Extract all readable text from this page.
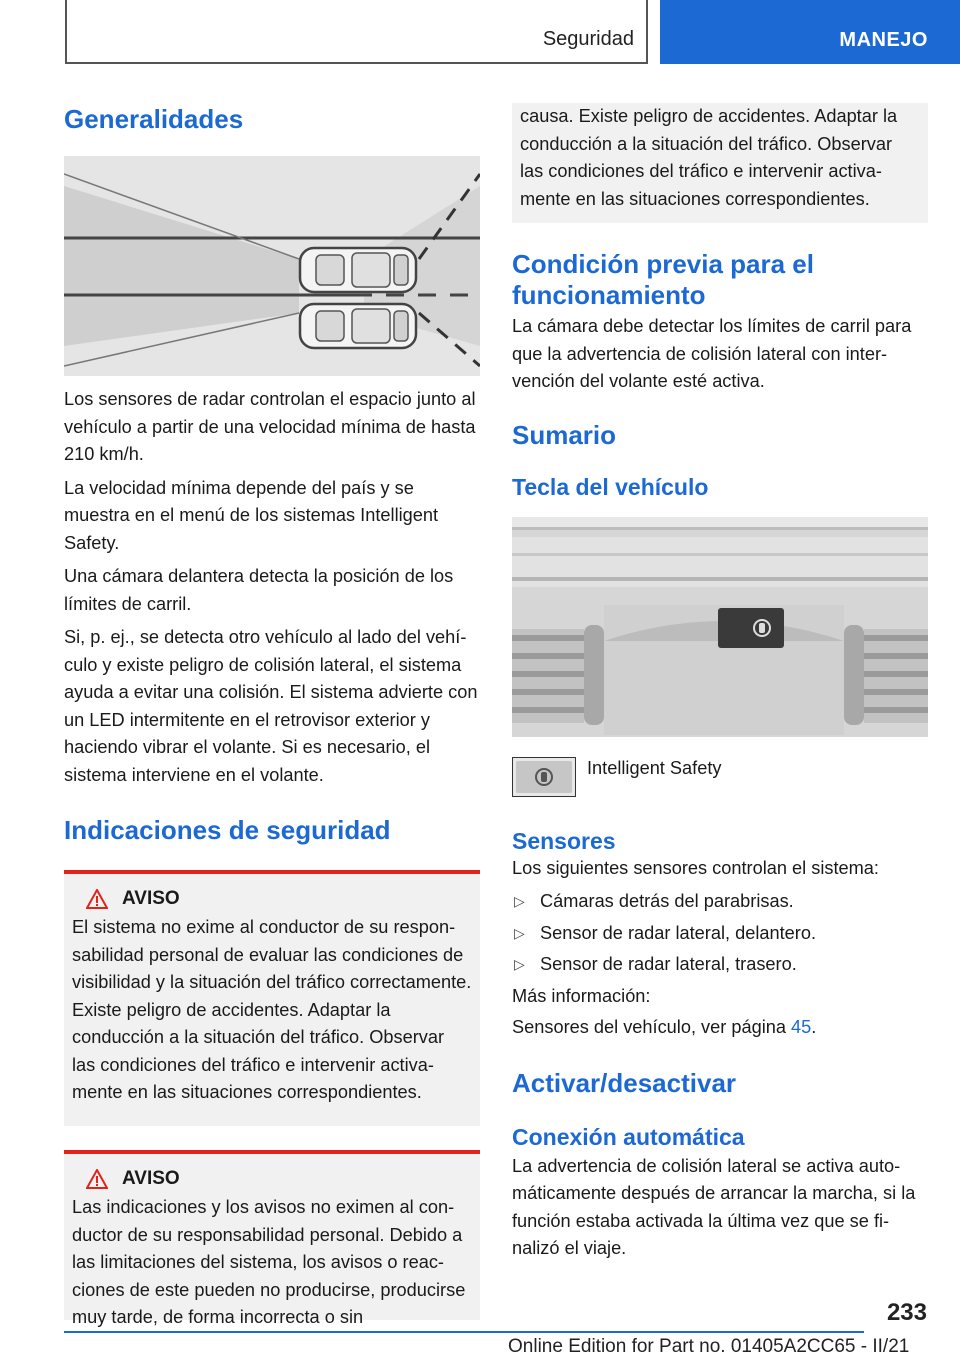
Seguridad	MANEJO
Generalidades

Los sensores de radar controlan el espacio junto al vehículo a partir de una velocidad mínima de hasta 210 km/h.

La velocidad mínima depende del país y se muestra en el menú de los sistemas Intelligent Safety.

Una cámara delantera detecta la posición de los límites de carril.

Si, p. ej., se detecta otro vehículo al lado del vehículo y existe peligro de colisión lateral, el sistema ayuda a evitar una colisión. El sistema advierte con un LED intermitente en el retrovisor exterior y haciendo vibrar el volante. Si es necesario, el sistema interviene en el volante.

Indicaciones de seguridad
AVISO

El sistema no exime al conductor de su responsabilidad personal de evaluar las condiciones de visibilidad y la situación del tráfico correctamente. Existe peligro de accidentes. Adaptar la conducción a la situación del tráfico. Observar las condiciones del tráfico e intervenir activamente en las situaciones correspondientes.

AVISO

Las indicaciones y los avisos no eximen al conductor de su responsabilidad personal. Debido a las limitaciones del sistema, los avisos o reacciones de este pueden no producirse, producirse muy tarde, de forma incorrecta o sin

causa. Existe peligro de accidentes. Adaptar la conducción a la situación del tráfico. Observar las condiciones del tráfico e intervenir activamente en las situaciones correspondientes.

Condición previa para el funcionamiento

La cámara debe detectar los límites de carril para que la advertencia de colisión lateral con intervención del volante esté activa.

Sumario
Tecla del vehículo

Intelligent Safety

Sensores

Los siguientes sensores controlan el sistema:

▷ Cámaras detrás del parabrisas.
▷ Sensor de radar lateral, delantero.
▷ Sensor de radar lateral, trasero.

Más información:

Sensores del vehículo, ver página 45.

Activar/desactivar
Conexión automática

La advertencia de colisión lateral se activa automáticamente después de arrancar la marcha, si la función estaba activada la última vez que se finalizó el viaje.

233
Online Edition for Part no. 01405A2CC65 - II/21
